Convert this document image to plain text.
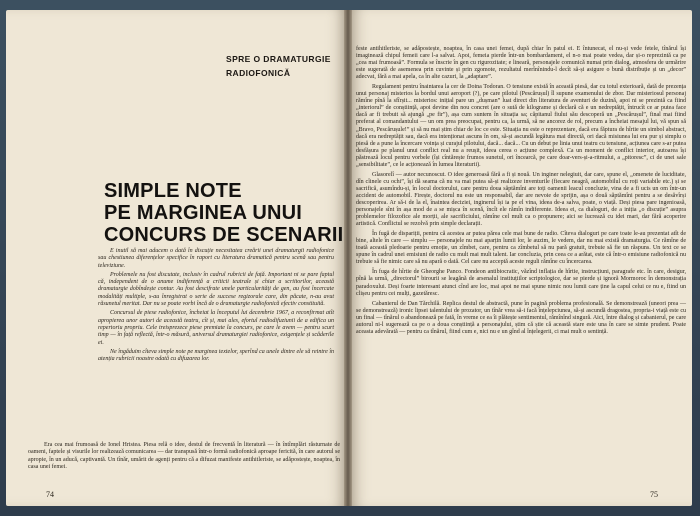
SPRE O DRAMATURGIE
RADIOFONICĂ
SIMPLE NOTE
PE MARGINEA UNUI
CONCURS DE SCENARII

E inutil să mai aducem o dată în discuție necesitatea creării unei dramaturgii radiofonice sau chestiunea diferențelor specifice în raport cu literatura dramatică pentru scenă sau pentru televiziune.

Problemele nu fost discutate, inclusiv în cadrul rubricii de față. Important ni se pare faptul că, independent de o anume indiferență a criticii teatrale și chiar a scriitorilor, această dramaturgie dobîndește contur. Au fost descifrate unele particularități de gen, au fost încercate modalități multiple, s-au înregistrat o serie de succese regizorale care, din păcate, n-au avut răsunetul meritat. Dar nu se poate vorbi încă de o dramaturgie radiofonică efectiv constituită.

Concursul de piese radiofonice, încheiat la începutul lui decembrie 1967, a reconfirmat atît apropierea unor autori de această teatru, cît și, mai ales, efortul radiodifuziunii de a edifica un repertoriu propriu. Cele treisprezece piese premiate la concurs, pe care le avem — pentru scurt timp — în față reflectă, într-o măsură, universul dramaturgiei radiofonice, exigențele și scăderile ei.

Ne îngăduim cîteva simple note pe marginea textelor, sperînd ca unele dintre ele să reintre în atenția rubricii noastre odată cu difuzarea lor.

Era cea mai frumoasă de Ionel Hristea. Piesa relă o idee, destul de frecventă în literatură — în întîmplări răsturnate de oameni, faptele și visurile lor realizează comunicarea — dar transpusă într-o formă radiofonică aproape fericită, în care autorul se apropie, în un aducă, captivantă. Un tînăr, umărit de agenți pentru că a difuzat manifeste antihitleriste, se adăpostește, noaptea, în casa unei femei.

74

feste antihitleriste, se adăpostește, noaptea, în casa unei femei, după chiar în patul ei. E întunecat, el nu-și vede fetele, tînărul își imaginează chipul femeii care l-a salvat. Apoi, femeia pierde într-un bombardament, el n-o mai poate vedea, dar și-o reprezintă ca pe „cea mai frumoasă”. Formula se înscrie în gen cu rigurozitate; e lineară, personajele comunică numai prin dialog, atmosfera de urmărire este sugerată de asemenea prin cuvinte și prin zgomote, rezultatul merînînindu-l decît să-și asigure o bună distribuție și un „decor” adecvat, fără a mai apela, ca în alte cazuri, la „adaptare”.

Regulament pentru înaintarea la cer de Doina Todoran. O tensiune există în această piesă, dar cu totul exterioară, dată de prezența unui personaj misterios la bordul unui aeroport (?), pe care pilotul (Pescărușul) îl supune examenului de zbor. Dar misteriosul personaj rămîne pînă la sfîrșit... misterios: inițial pare un „dușman” luat direct din literatura de aventuri de duzină, apoi ni se prezintă ca fiind „interiorul” de conștiință, apoi devine din nou concret (are o sută de kilograme și declară că e un nedreptățit, întrucît ce ar putea face dacă ar fi trebuit să ajungă „pe fir”), așa cum suntem în situația sa; căpitanul fiului său descoperă un „Pescărușul”, final mai fiind preferat al comandantului — un om prea preocupat, pentru ca, la urmă, să ne ancorez de rol, precum a încheiat mesajul lui, vă spun să „Bravo, Pescărușule!” și să nu mai știm chiar de loc ce este. Situația nu este o reprezentare, dacă era făptura de hîrtie un simbol abstract, dacă era nedreptățit sau, dacă era intenționat ascuns în om, să-și ascundă legătura mai directă, ori dacă misiunea lui era pur și simplu o piesă de a pune la încercare voința și curajul pilotului, dacă... dacă... Cu un debut pe linia unui teatru cu tensiune, acțiunea care s-ar putea desfășura pe planul unui conflict real nu a reușit, ideea cerea o acțiune complexă. Ca un moment de conflict interior, autoarea își păstrează locul pentru vorbele (își cîntărește frumos sunetul, ori încearcă, pe care doar-vers-și-a-ritmului, a „pitoresc”, ci de unei sale „sensibilitate”, ce le acționează în lumea literaturii).

Glasorelî — autor necunoscut. O idee generoasă fără a fi și nouă. Un inginer nelegiuit, dar care, spune el, „omenete de luciditate, dîn cîinele cu ochi”, își dă seama că nu va mai putea să-și realizeze inventurile (fiecare neagră, automobilul cu roți variabile etc.) și se sacrifică, asumîndu-și, în locul doctorului, care pentru doua săptămîni are toți oamenii leacul concluzie, vina de a fi ucis un om într-un accident de automobil. Firește, doctorul nu este un responsabil, dar are nevoie de sprijin, așa o două săptămîni pentru a se desăvîrși descoperirea. Ar să-i de la el, înaintea deciziei, inginerul își ia pe el vina, ideea de-a salva, poate, o viață. Deși piesa pare ingenioasă, personajele sînt în așa mod de a se mișca în scenă, încît ele rămîn indiferente. Ideea ei, ca dialoguri, de a iniția „o discuție” asupra problemelor filozofice ale morții, ale sacrificiului, rămîne cel mult ca o propunere; aici se lucrează cu idei mari, dar fără acoperire artistică. Conflictul se rezolvă prin simple declarații.

În fugă de dispariții, pentru că acestea ar putea părea cele mai bune de radio. Cîteva dialoguri pe care toate le-au prezentat atît de bine, altele în care — simplu — personajele nu mai aparțin lumii lor, le auzim, le vedem, dar nu mai există dramaturgia. Ce rămîne de toată această pledoarie pentru emoție, un zîmbet, care, pentru ca zîmbetul să nu pară gratuit, trebuie să fie un răspuns. Un text ce se spune în cadrul unei emisiuni de radio cu mult mai mult talent. Iar concluzia, prin ceea ce a arătat, este că într-o emisiune radiofonică nu trebuie să fie nimic care să nu apară o dată. Cel care nu acceptă aceste reguli rămîne cu încercarea.

În fuga de hîrtie de Gheorghe Panco. Fondeon antibiocratic, văzînd inflația de hîrtie, instrucțiuni, paragrafe etc. în care, desigur, pînă la urmă, „directorul” birourii se leagănă de arsenalul instituțiilor scriptologice, dar se pierde și ignoră Mormoroc în demonstrația paradoxului. Deși foarte interesant atunci cînd are loc, mai apoi ne mai spune nimic nou lumii care ține la capul celui ce nu e, fiind un clișeu pentru cei mulți, gazetăresc.

Cabanierul de Dan Tărchilă. Replica destul de abstractă, pune în pagină problema profesională. Se demonstrează (uneori prea — se demonstrează) ironic lipsei talentului de prozator, un tînăr vrea să-i facă înțelepciunea, să-și ascundă dragostea, propria-i viață este cu un final — tînărul o abandonează pe fată, în vreme ce ea îi plătește sentimentul, rămînînd singură. Aici, între dialog și cabanierul, pe care autorul ni-l sugerează ca pe o a doua conștiință a personajului, știm că știe că această stare este una în care se simte prudent. Poate aceasta adevărată — pentru ca tînărul, fiind cum e, nici nu e un gînd al înțelegerii, ci mai mult o sentință.

75
